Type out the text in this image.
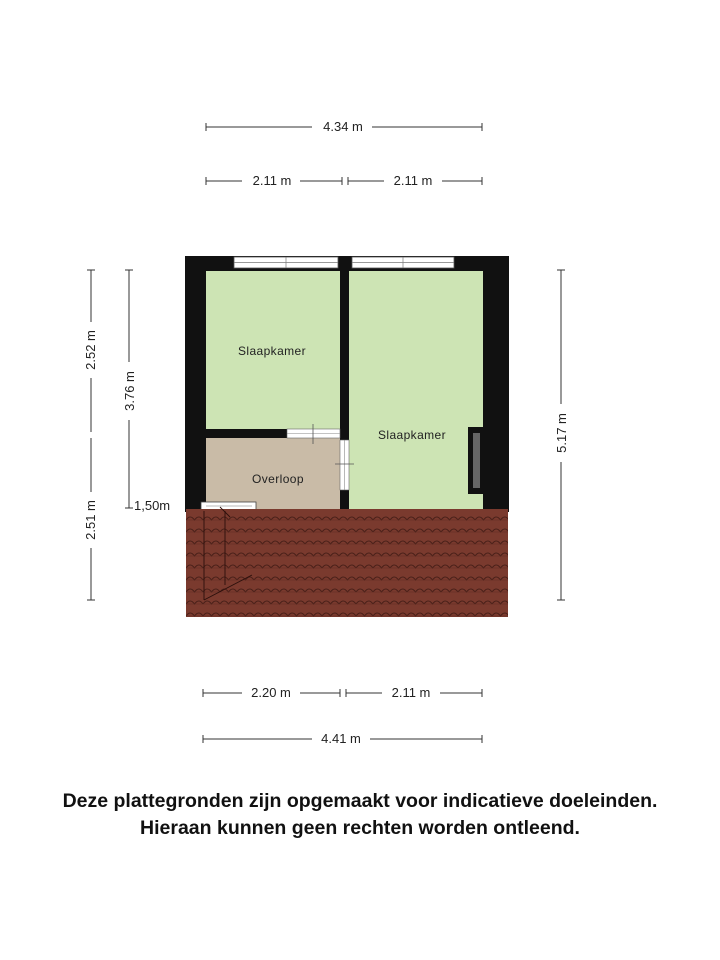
4.34 m
2.11 m	2.11 m
2.52 m
2.51 m
3.76 m
1,50m
5.17 m
2.20 m	2.11 m
4.41 m
Slaapkamer
Slaapkamer
Overloop
Deze plattegronden zijn opgemaakt voor indicatieve doeleinden.
Hieraan kunnen geen rechten worden ontleend.
